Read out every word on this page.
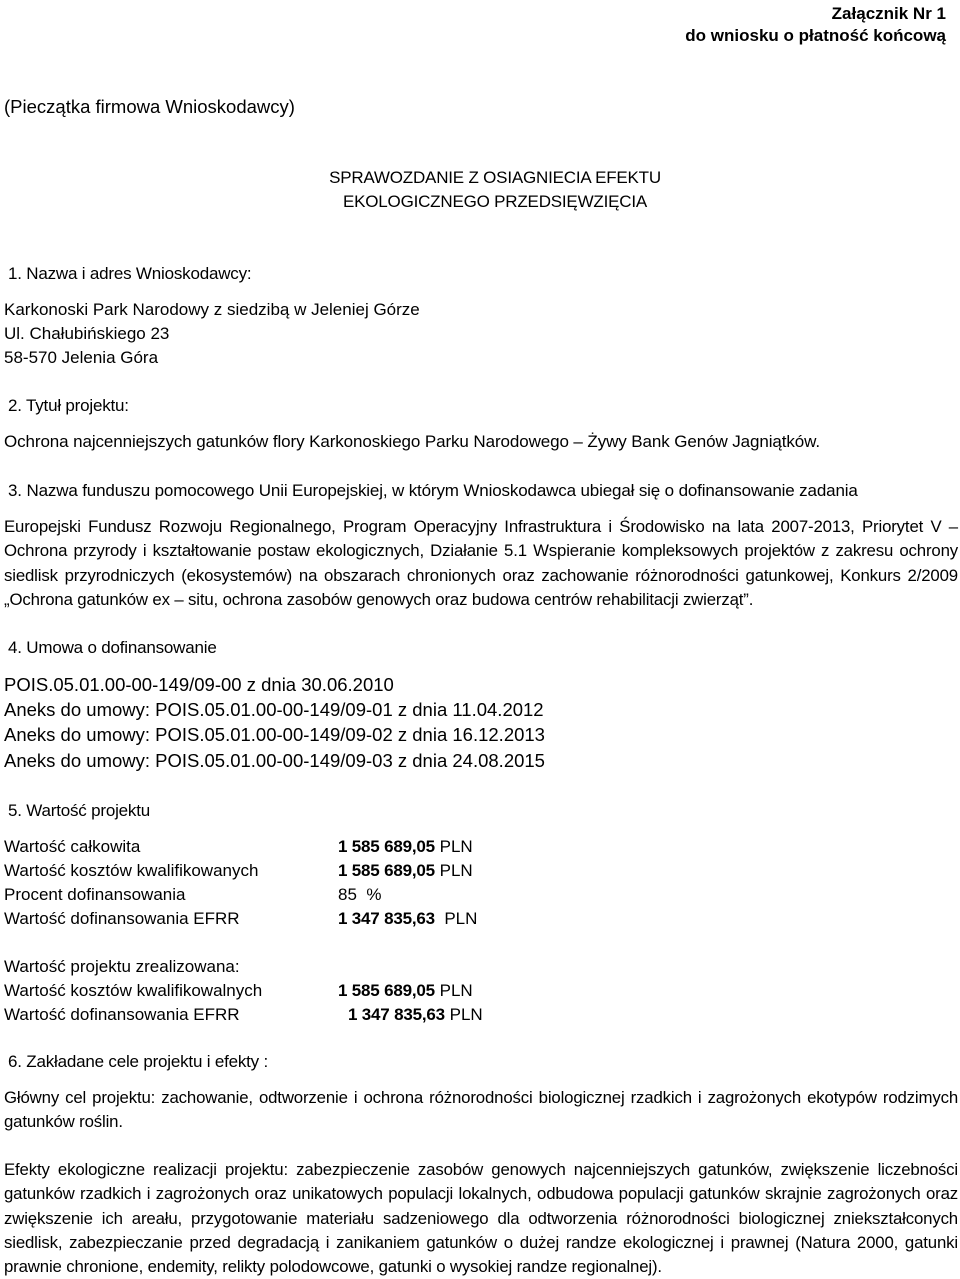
Załącznik Nr 1
do wniosku o płatność końcową
(Pieczątka firmowa Wnioskodawcy)
SPRAWOZDANIE Z OSIAGNIECIA EFEKTU
EKOLOGICZNEGO PRZEDSIĘWZIĘCIA
1. Nazwa i adres Wnioskodawcy:
Karkonoski Park Narodowy z siedzibą w Jeleniej Górze
Ul. Chałubińskiego 23
58-570 Jelenia Góra
2. Tytuł projektu:
Ochrona najcenniejszych gatunków flory Karkonoskiego Parku Narodowego – Żywy Bank Genów Jagniątków.
3. Nazwa funduszu pomocowego Unii Europejskiej, w którym Wnioskodawca ubiegał się o dofinansowanie zadania
Europejski Fundusz Rozwoju Regionalnego, Program Operacyjny Infrastruktura i Środowisko na lata 2007-2013, Priorytet V – Ochrona przyrody i kształtowanie postaw ekologicznych, Działanie 5.1 Wspieranie kompleksowych projektów z zakresu ochrony siedlisk przyrodniczych (ekosystemów) na obszarach chronionych oraz zachowanie różnorodności gatunkowej, Konkurs 2/2009 „Ochrona gatunków ex – situ, ochrona zasobów genowych oraz budowa centrów rehabilitacji zwierząt”.
4. Umowa o dofinansowanie
POIS.05.01.00-00-149/09-00 z dnia 30.06.2010
Aneks do umowy: POIS.05.01.00-00-149/09-01 z dnia 11.04.2012
Aneks do umowy: POIS.05.01.00-00-149/09-02 z dnia 16.12.2013
Aneks do umowy: POIS.05.01.00-00-149/09-03 z dnia 24.08.2015
5. Wartość projektu
Wartość całkowita	1 585 689,05 PLN
Wartość kosztów kwalifikowanych	1 585 689,05 PLN
Procent dofinansowania	85 %
Wartość dofinansowania EFRR	1 347 835,63 PLN
Wartość projektu zrealizowana:
Wartość kosztów kwalifikowalnych	1 585 689,05 PLN
Wartość dofinansowania EFRR	1 347 835,63 PLN
6. Zakładane cele projektu i efekty :
Główny cel projektu: zachowanie, odtworzenie i ochrona różnorodności biologicznej rzadkich i zagrożonych ekotypów rodzimych gatunków roślin.
Efekty ekologiczne realizacji projektu: zabezpieczenie zasobów genowych najcenniejszych gatunków, zwiększenie liczebności gatunków rzadkich i zagrożonych oraz unikatowych populacji lokalnych, odbudowa populacji gatunków skrajnie zagrożonych oraz zwiększenie ich areału, przygotowanie materiału sadzeniowego dla odtworzenia różnorodności biologicznej zniekształconych siedlisk, zabezpieczanie przed degradacją i zanikaniem gatunków o dużej randze ekologicznej i prawnej (Natura 2000, gatunki prawnie chronione, endemity, relikty polodowcowe, gatunki o wysokiej randze regionalnej).
